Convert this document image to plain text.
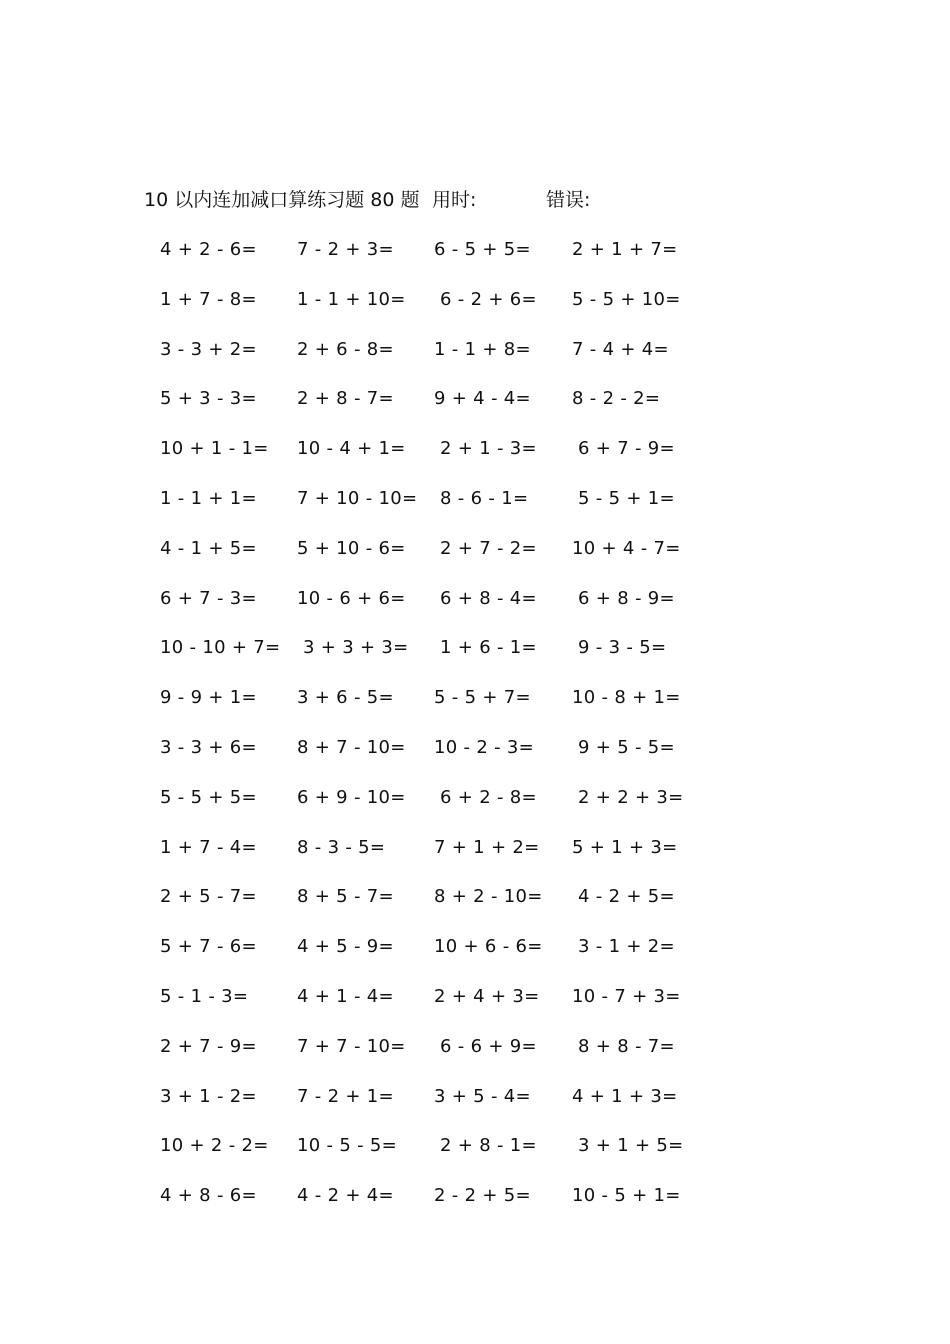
10 以内连加减口算练习题 80 题 用时:	错误:
4 + 2 - 6= 7 - 2 + 3= 6 - 5 + 5= 2 + 1 + 7=
1 + 7 - 8= 1 - 1 + 10= 6 - 2 + 6= 5 - 5 + 10=
3 - 3 + 2= 2 + 6 - 8= 1 - 1 + 8= 7 - 4 + 4=
5 + 3 - 3= 2 + 8 - 7= 9 + 4 - 4= 8 - 2 - 2=
10 + 1 - 1= 10 - 4 + 1= 2 + 1 - 3= 6 + 7 - 9=
1 - 1 + 1= 7 + 10 - 10= 8 - 6 - 1= 5 - 5 + 1=
4 - 1 + 5= 5 + 10 - 6= 2 + 7 - 2= 10 + 4 - 7=
6 + 7 - 3= 10 - 6 + 6= 6 + 8 - 4= 6 + 8 - 9=
10 - 10 + 7= 3 + 3 + 3= 1 + 6 - 1= 9 - 3 - 5=
9 - 9 + 1= 3 + 6 - 5= 5 - 5 + 7= 10 - 8 + 1=
3 - 3 + 6= 8 + 7 - 10= 10 - 2 - 3= 9 + 5 - 5=
5 - 5 + 5= 6 + 9 - 10= 6 + 2 - 8= 2 + 2 + 3=
1 + 7 - 4= 8 - 3 - 5=	7 + 1 + 2= 5 + 1 + 3=
2 + 5 - 7= 8 + 5 - 7= 8 + 2 - 10= 4 - 2 + 5=
5 + 7 - 6= 4 + 5 - 9= 10 + 6 - 6= 3 - 1 + 2=
5 - 1 - 3=	4 + 1 - 4= 2 + 4 + 3= 10 - 7 + 3=
2 + 7 - 9= 7 + 7 - 10= 6 - 6 + 9= 8 + 8 - 7=
3 + 1 - 2= 7 - 2 + 1= 3 + 5 - 4= 4 + 1 + 3=
10 + 2 - 2= 10 - 5 - 5= 2 + 8 - 1= 3 + 1 + 5=
4 + 8 - 6= 4 - 2 + 4= 2 - 2 + 5= 10 - 5 + 1=
